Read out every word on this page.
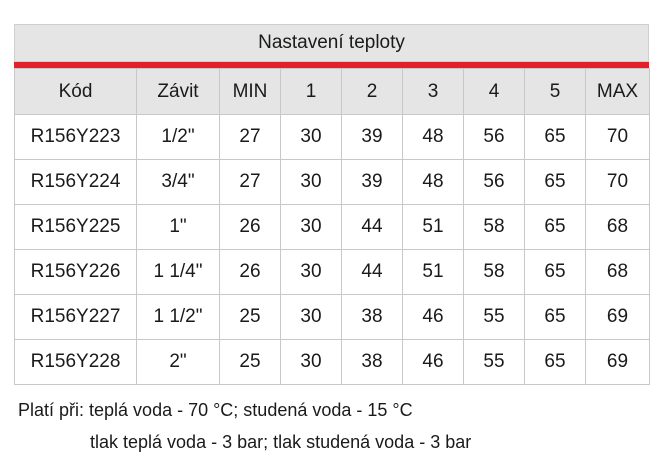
Nastavení teploty
Kód	Závit	MIN	1	2	3	4	5	MAX
R156Y223	1/2"	27	30	39	48	56	65	70
R156Y224	3/4"	27	30	39	48	56	65	70
R156Y225	1"	26	30	44	51	58	65	68
R156Y226	1 1/4"	26	30	44	51	58	65	68
R156Y227	1 1/2"	25	30	38	46	55	65	69
R156Y228	2"	25	30	38	46	55	65	69
Platí při: teplá voda - 70 °C; studená voda - 15 °C
tlak teplá voda - 3 bar; tlak studená voda - 3 bar
